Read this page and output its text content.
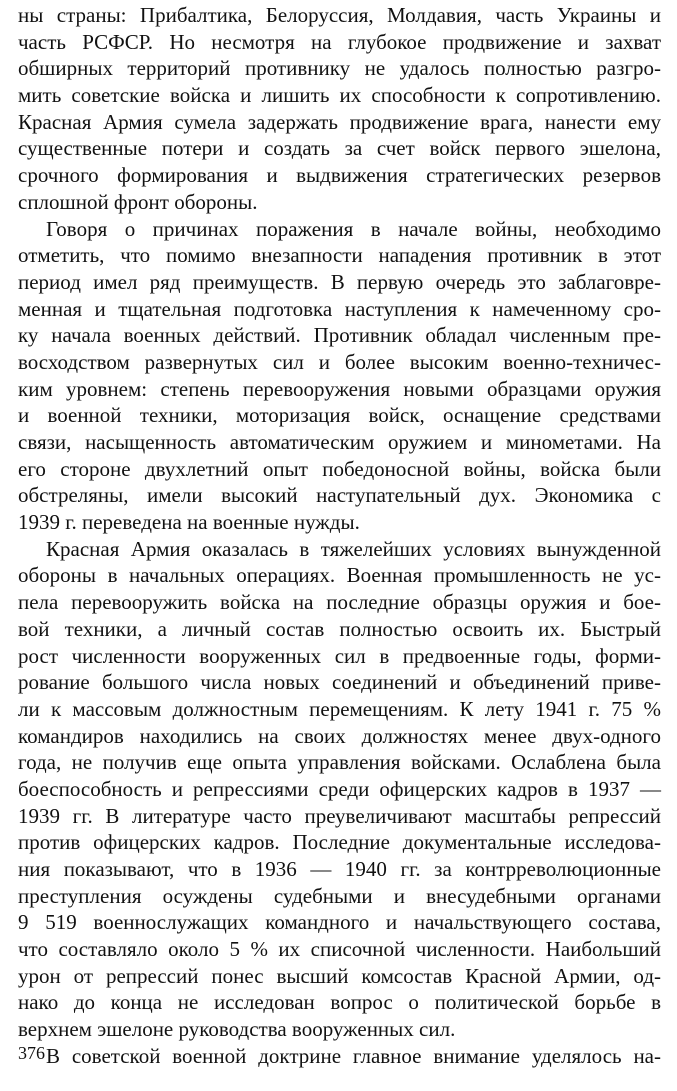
ны страны: Прибалтика, Белоруссия, Молдавия, часть Украины и
часть РСФСР. Но несмотря на глубокое продвижение и захват
обширных территорий противнику не удалось полностью разгро-
мить советские войска и лишить их способности к сопротивлению.
Красная Армия сумела задержать продвижение врага, нанести ему
существенные потери и создать за счет войск первого эшелона,
срочного формирования и выдвижения стратегических резервов
сплошной фронт обороны.
Говоря о причинах поражения в начале войны, необходимо
отметить, что помимо внезапности нападения противник в этот
период имел ряд преимуществ. В первую очередь это заблаговре-
менная и тщательная подготовка наступления к намеченному сро-
ку начала военных действий. Противник обладал численным пре-
восходством развернутых сил и более высоким военно-техничес-
ким уровнем: степень перевооружения новыми образцами оружия
и военной техники, моторизация войск, оснащение средствами
связи, насыщенность автоматическим оружием и минометами. На
его стороне двухлетний опыт победоносной войны, войска были
обстреляны, имели высокий наступательный дух. Экономика с
1939 г. переведена на военные нужды.
Красная Армия оказалась в тяжелейших условиях вынужденной
обороны в начальных операциях. Военная промышленность не ус-
пела перевооружить войска на последние образцы оружия и бое-
вой техники, а личный состав полностью освоить их. Быстрый
рост численности вооруженных сил в предвоенные годы, форми-
рование большого числа новых соединений и объединений приве-
ли к массовым должностным перемещениям. К лету 1941 г. 75 %
командиров находились на своих должностях менее двух-одного
года, не получив еще опыта управления войсками. Ослаблена была
боеспособность и репрессиями среди офицерских кадров в 1937 —
1939 гг. В литературе часто преувеличивают масштабы репрессий
против офицерских кадров. Последние документальные исследова-
ния показывают, что в 1936 — 1940 гг. за контрреволюционные
преступления осуждены судебными и внесудебными органами
9 519 военнослужащих командного и начальствующего состава,
что составляло около 5 % их списочной численности. Наибольший
урон от репрессий понес высший комсостав Красной Армии, од-
нако до конца не исследован вопрос о политической борьбе в
верхнем эшелоне руководства вооруженных сил.
В советской военной доктрине главное внимание уделялось на-
376
